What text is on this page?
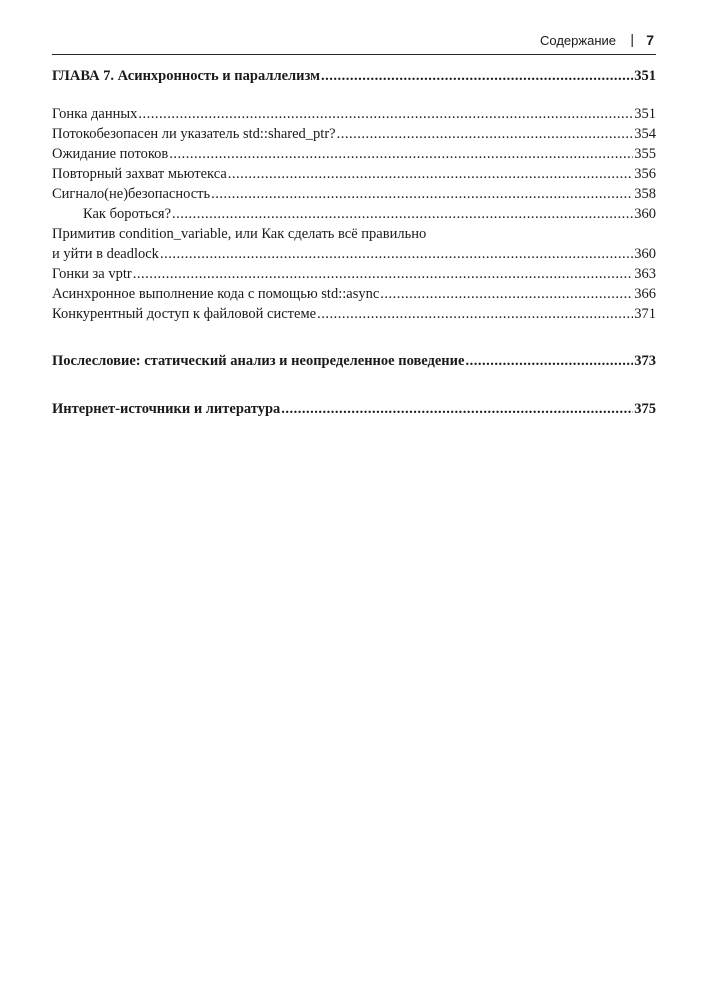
Содержание | 7
ГЛАВА 7. Асинхронность и параллелизм .....	351
Гонка данных .....	351
Потокобезопасен ли указатель std::shared_ptr? .....	354
Ожидание потоков .....	355
Повторный захват мьютекса .....	356
Сигнало(не)безопасность .....	358
Как бороться? .....	360
Примитив condition_variable, или Как сделать всё правильно
и уйти в deadlock .....	360
Гонки за vptr .....	363
Асинхронное выполнение кода с помощью std::async .....	366
Конкурентный доступ к файловой системе .....	371
Послесловие: статический анализ и неопределенное поведение .....	373
Интернет-источники и литература .....	375
